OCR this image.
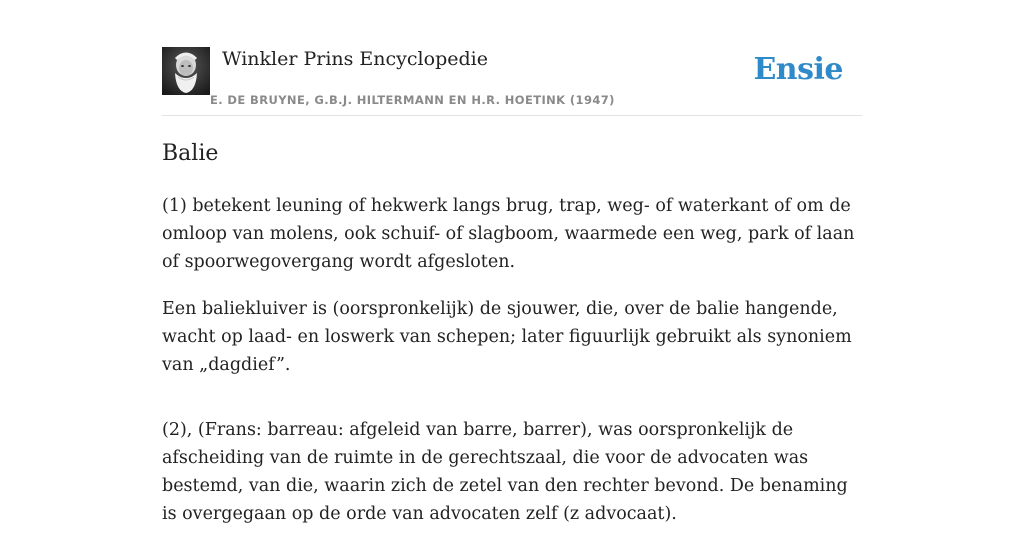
Winkler Prins Encyclopedie
E. DE BRUYNE, G.B.J. HILTERMANN EN H.R. HOETINK (1947)
Ensie
Balie

(1) betekent leuning of hekwerk langs brug, trap, weg- of waterkant of om de omloop van molens, ook schuif- of slagboom, waarmede een weg, park of laan of spoorwegovergang wordt afgesloten.

Een baliekluiver is (oorspronkelijk) de sjouwer, die, over de balie hangende, wacht op laad- en loswerk van schepen; later figuurlijk gebruikt als synoniem van „dagdief”.

(2), (Frans: barreau: afgeleid van barre, barrer), was oorspronkelijk de afscheiding van de ruimte in de gerechtszaal, die voor de advocaten was bestemd, van die, waarin zich de zetel van den rechter bevond. De benaming is overgegaan op de orde van advocaten zelf (z advocaat).
